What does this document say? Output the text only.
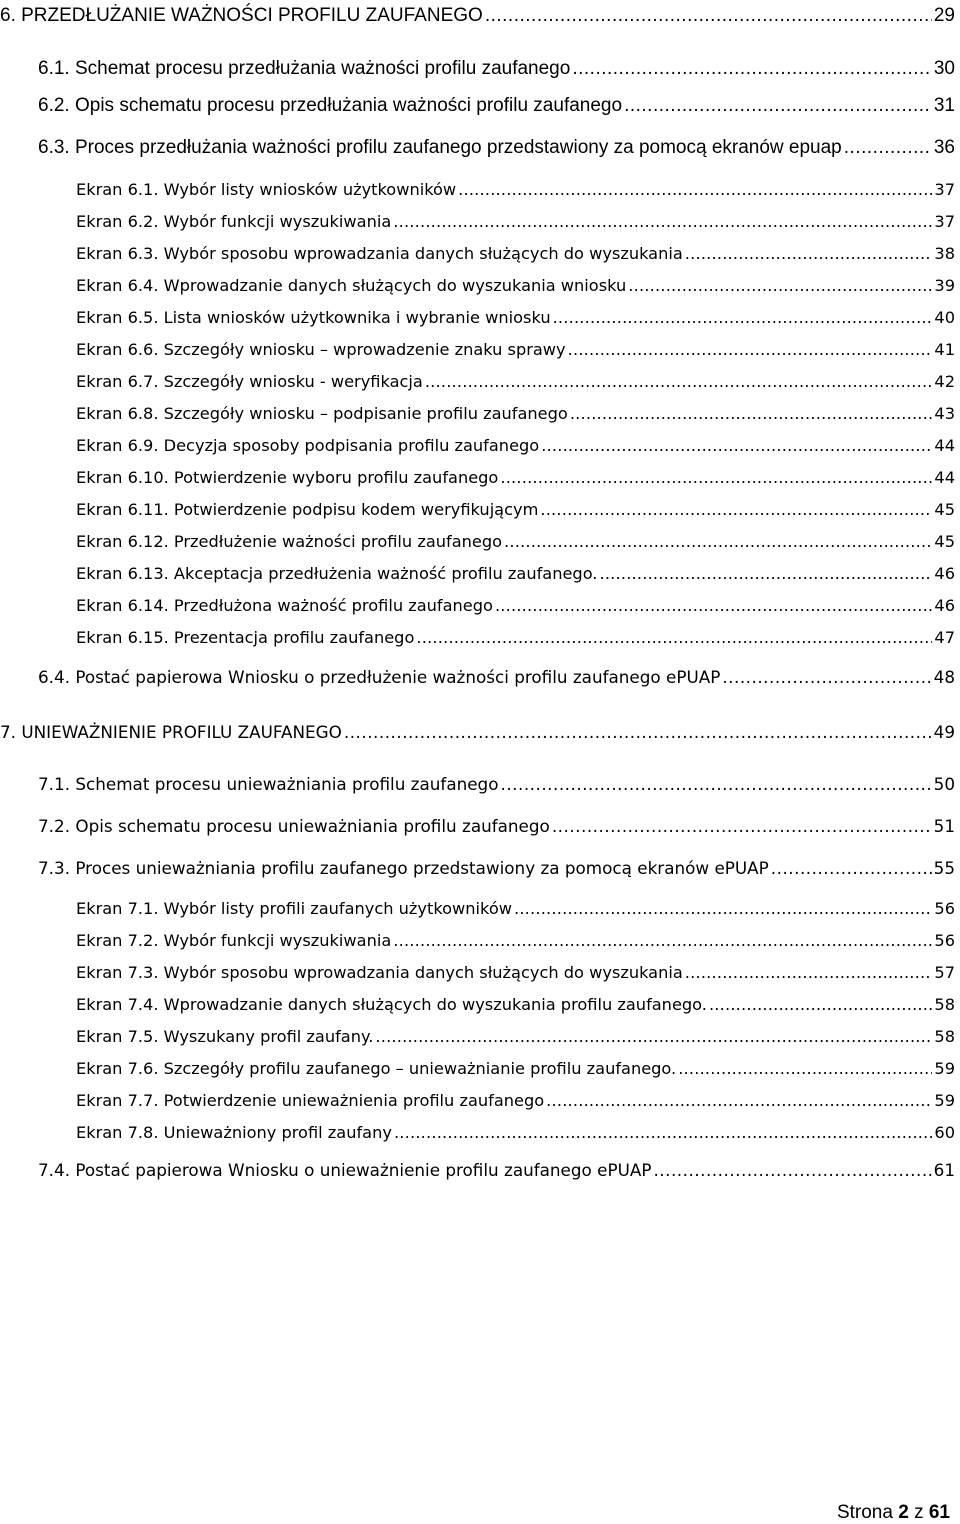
6. PRZEDŁUŻANIE WAŻNOŚCI PROFILU ZAUFANEGO .....	29
6.1. Schemat procesu przedłużania ważności profilu zaufanego .....	30
6.2. Opis schematu procesu przedłużania ważności profilu zaufanego .....	31
6.3. Proces przedłużania ważności profilu zaufanego przedstawiony za pomocą ekranów epuap .....	36
Ekran 6.1. Wybór listy wniosków użytkowników .....	37
Ekran 6.2. Wybór funkcji wyszukiwania .....	37
Ekran 6.3. Wybór sposobu wprowadzania danych służących do wyszukania .....	38
Ekran 6.4. Wprowadzanie danych służących do wyszukania wniosku .....	39
Ekran 6.5. Lista wniosków użytkownika i wybranie wniosku .....	40
Ekran 6.6. Szczegóły wniosku – wprowadzenie znaku sprawy .....	41
Ekran 6.7. Szczegóły wniosku - weryfikacja .....	42
Ekran 6.8. Szczegóły wniosku – podpisanie profilu zaufanego .....	43
Ekran 6.9. Decyzja sposoby podpisania profilu zaufanego .....	44
Ekran 6.10. Potwierdzenie wyboru profilu zaufanego .....	44
Ekran 6.11. Potwierdzenie podpisu kodem weryfikującym .....	45
Ekran 6.12. Przedłużenie ważności profilu zaufanego .....	45
Ekran 6.13. Akceptacja przedłużenia ważność profilu zaufanego. .....	46
Ekran 6.14. Przedłużona ważność profilu zaufanego .....	46
Ekran 6.15. Prezentacja profilu zaufanego .....	47
6.4. Postać papierowa Wniosku o przedłużenie ważności profilu zaufanego ePUAP .....	48
7. UNIEWAŻNIENIE PROFILU ZAUFANEGO .....	49
7.1. Schemat procesu unieważniania profilu zaufanego .....	50
7.2. Opis schematu procesu unieważniania profilu zaufanego .....	51
7.3. Proces unieważniania profilu zaufanego przedstawiony za pomocą ekranów ePUAP .....	55
Ekran 7.1. Wybór listy profili zaufanych użytkowników .....	56
Ekran 7.2. Wybór funkcji wyszukiwania .....	56
Ekran 7.3. Wybór sposobu wprowadzania danych służących do wyszukania .....	57
Ekran 7.4. Wprowadzanie danych służących do wyszukania profilu zaufanego. .....	58
Ekran 7.5. Wyszukany profil zaufany. .....	58
Ekran 7.6. Szczegóły profilu zaufanego – unieważnianie profilu zaufanego. .....	59
Ekran 7.7. Potwierdzenie unieważnienia profilu zaufanego .....	59
Ekran 7.8. Unieważniony profil zaufany .....	60
7.4. Postać papierowa Wniosku o unieważnienie profilu zaufanego ePUAP .....	61
Strona 2 z 61
